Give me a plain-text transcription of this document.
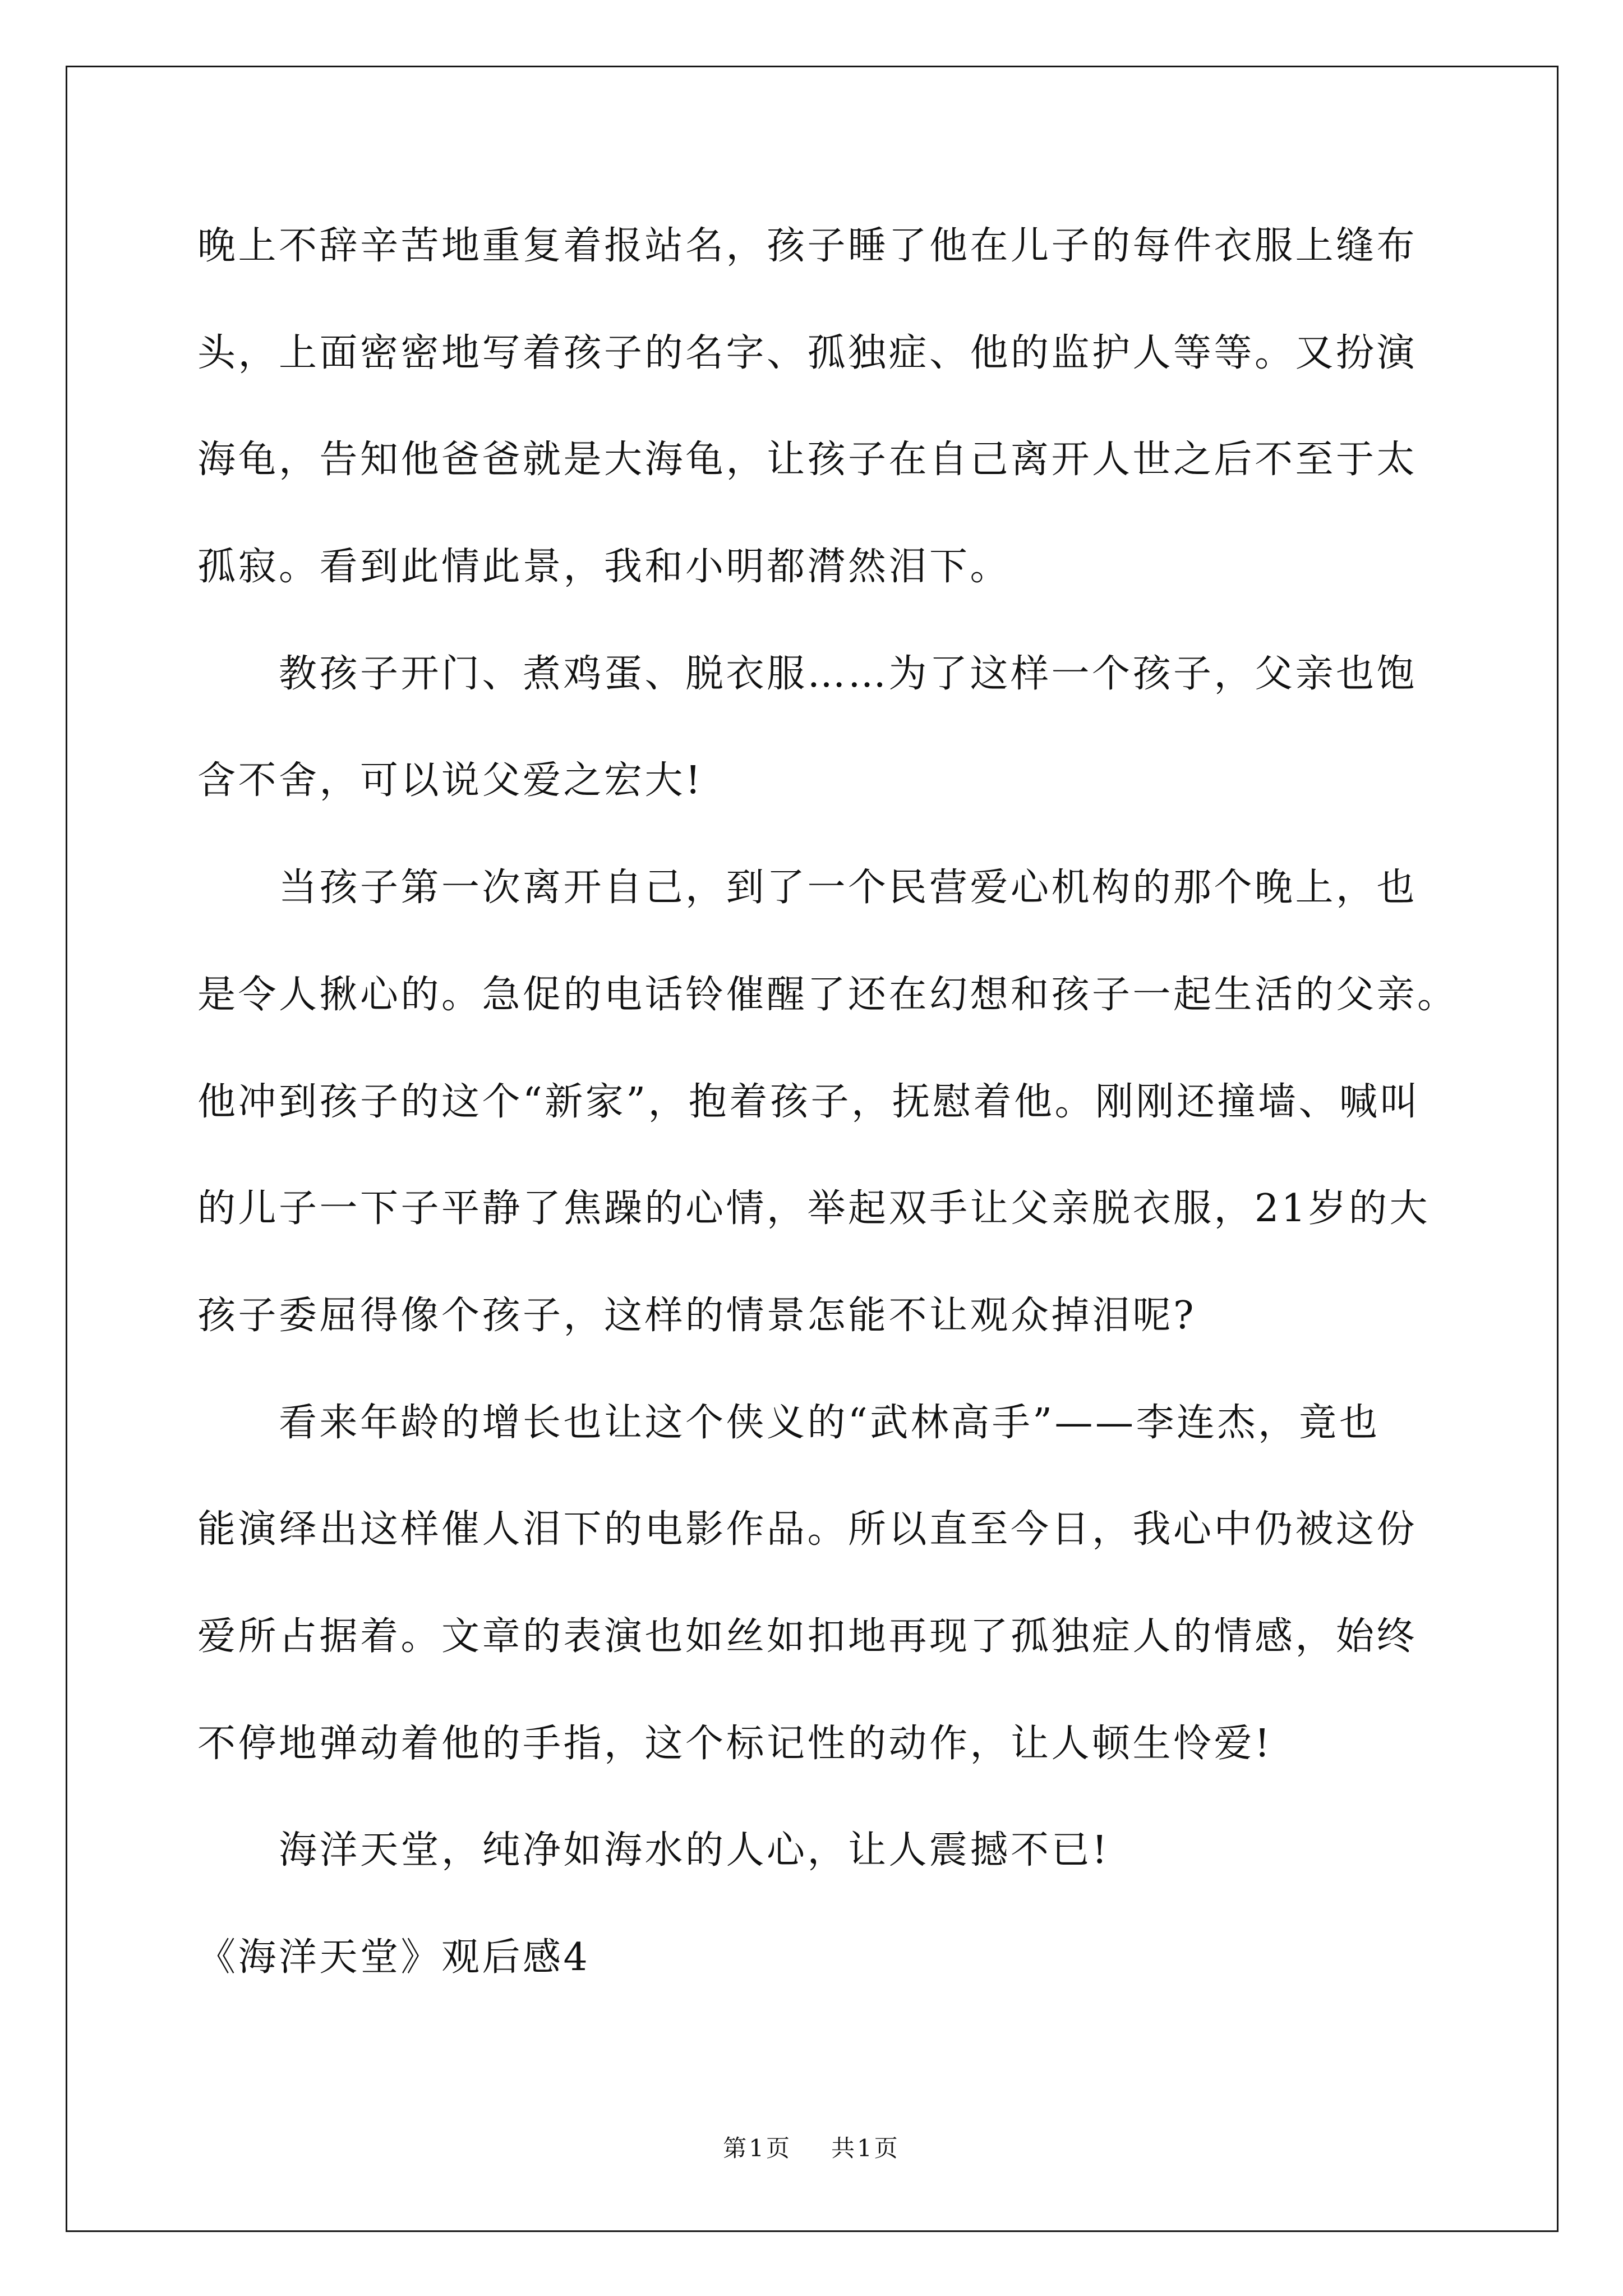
晚上不辞辛苦地重复着报站名，孩子睡了他在儿子的每件衣服上缝布
头，上面密密地写着孩子的名字、孤独症、他的监护人等等。又扮演
海龟，告知他爸爸就是大海龟，让孩子在自己离开人世之后不至于太
孤寂。看到此情此景，我和小明都潸然泪下。
教孩子开门、煮鸡蛋、脱衣服……为了这样一个孩子，父亲也饱
含不舍，可以说父爱之宏大!
当孩子第一次离开自己，到了一个民营爱心机构的那个晚上，也
是令人揪心的。急促的电话铃催醒了还在幻想和孩子一起生活的父亲。
他冲到孩子的这个“新家”，抱着孩子，抚慰着他。刚刚还撞墙、喊叫
的儿子一下子平静了焦躁的心情，举起双手让父亲脱衣服，21岁的大
孩子委屈得像个孩子，这样的情景怎能不让观众掉泪呢?
看来年龄的增长也让这个侠义的“武林高手”——李连杰，竟也
能演绎出这样催人泪下的电影作品。所以直至今日，我心中仍被这份
爱所占据着。文章的表演也如丝如扣地再现了孤独症人的情感，始终
不停地弹动着他的手指，这个标记性的动作，让人顿生怜爱!
海洋天堂，纯净如海水的人心，让人震撼不已!
《海洋天堂》观后感4
第1页 共1页
